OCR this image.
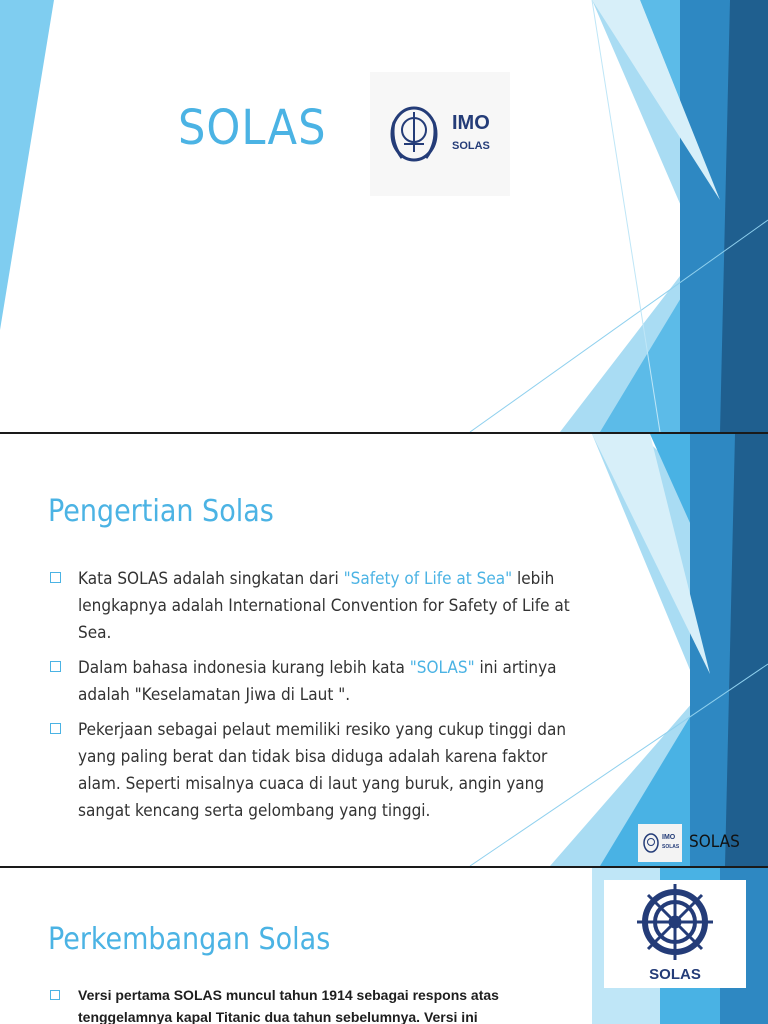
SOLAS	IMO
SOLAS
Pengertian Solas
Kata SOLAS adalah singkatan dari "Safety of Life at Sea" lebih lengkapnya adalah International Convention for Safety of Life at Sea.
Dalam bahasa indonesia kurang lebih kata "SOLAS" ini artinya adalah "Keselamatan Jiwa di Laut ".
Pekerjaan sebagai pelaut memiliki resiko yang cukup tinggi dan yang paling berat dan tidak bisa diduga adalah karena faktor alam. Seperti misalnya cuaca di laut yang buruk, angin yang sangat kencang serta gelombang yang tinggi.
IMO
SOLAS SOLAS
Perkembangan Solas
Versi pertama SOLAS muncul tahun 1914 sebagai respons atas tenggelamnya kapal Titanic dua tahun sebelumnya. Versi ini
SOLAS
